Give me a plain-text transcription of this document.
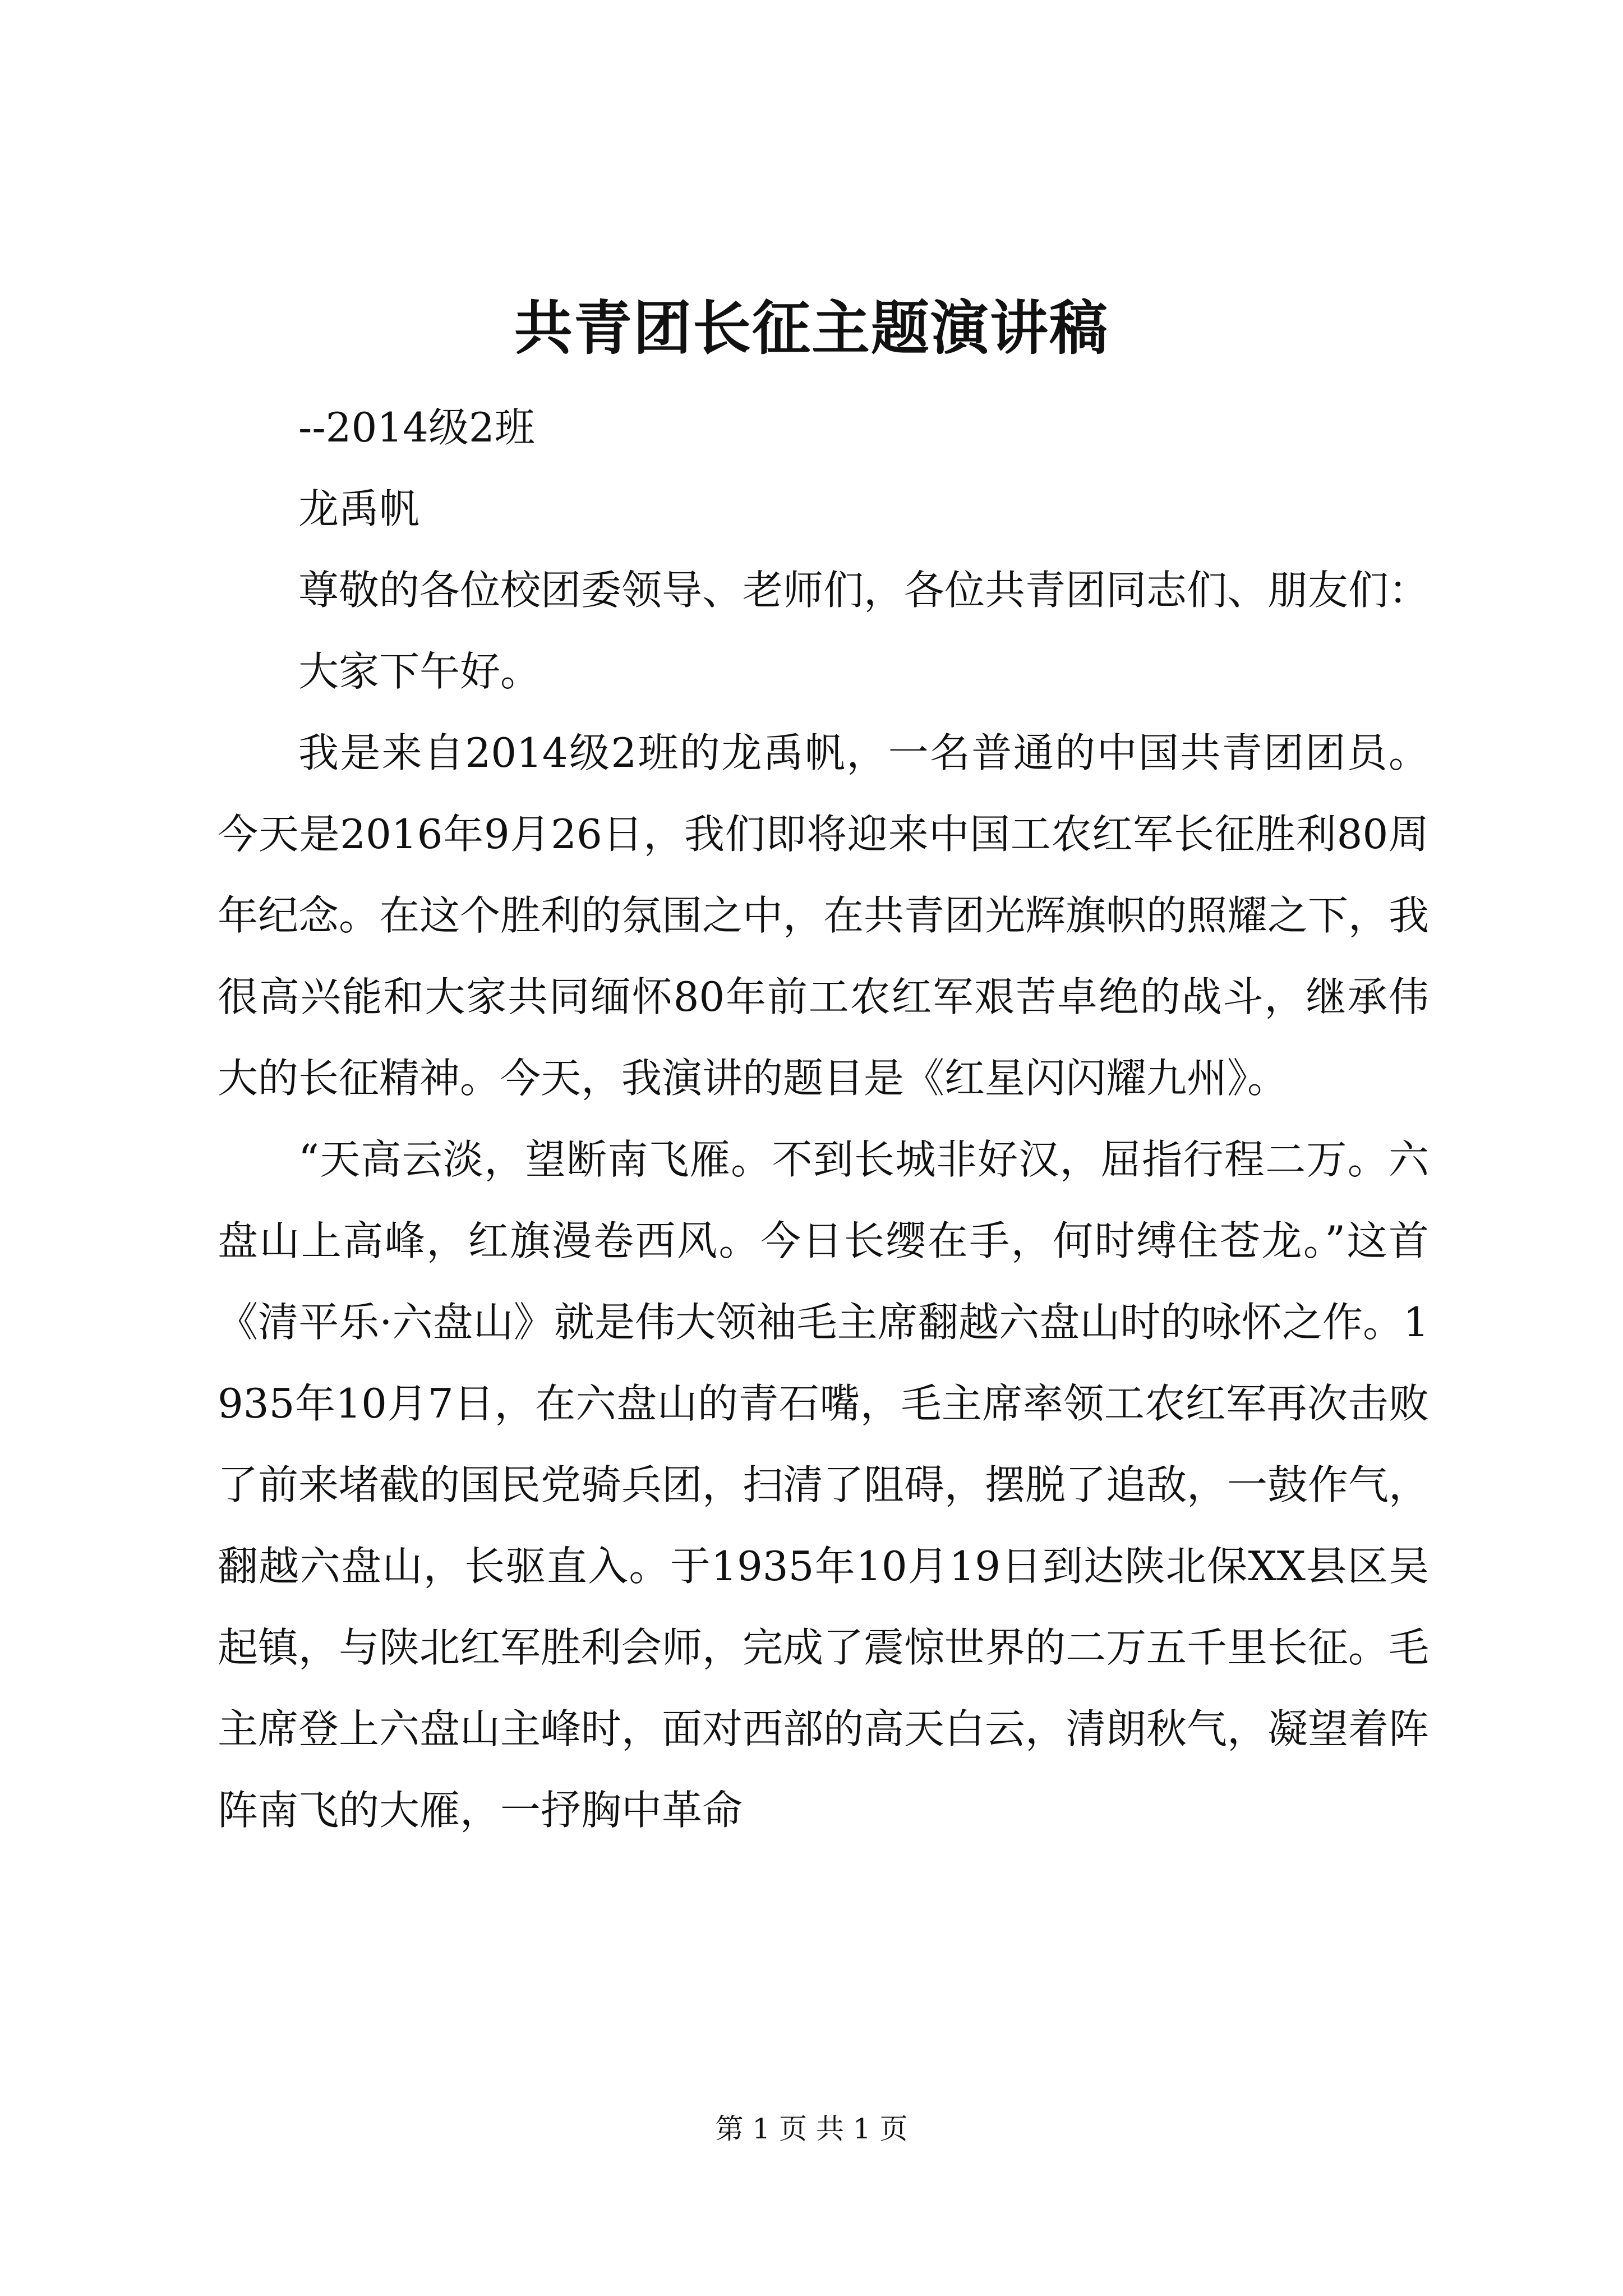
共青团长征主题演讲稿

--2014级2班

龙禹帆

尊敬的各位校团委领导、老师们，各位共青团同志们、朋友们：

大家下午好。

我是来自2014级2班的龙禹帆，一名普通的中国共青团团员。今天是2016年9月26日，我们即将迎来中国工农红军长征胜利80周年纪念。在这个胜利的氛围之中，在共青团光辉旗帜的照耀之下，我很高兴能和大家共同缅怀80年前工农红军艰苦卓绝的战斗，继承伟大的长征精神。今天，我演讲的题目是《红星闪闪耀九州》。

“天高云淡，望断南飞雁。不到长城非好汉，屈指行程二万。六盘山上高峰，红旗漫卷西风。今日长缨在手，何时缚住苍龙。”这首《清平乐·六盘山》就是伟大领袖毛主席翻越六盘山时的咏怀之作。1935年10月7日，在六盘山的青石嘴，毛主席率领工农红军再次击败了前来堵截的国民党骑兵团，扫清了阻碍，摆脱了追敌，一鼓作气，翻越六盘山，长驱直入。于1935年10月19日到达陕北保XX县区吴起镇，与陕北红军胜利会师，完成了震惊世界的二万五千里长征。毛主席登上六盘山主峰时，面对西部的高天白云，清朗秋气，凝望着阵阵南飞的大雁，一抒胸中革命

第 1 页 共 1 页
